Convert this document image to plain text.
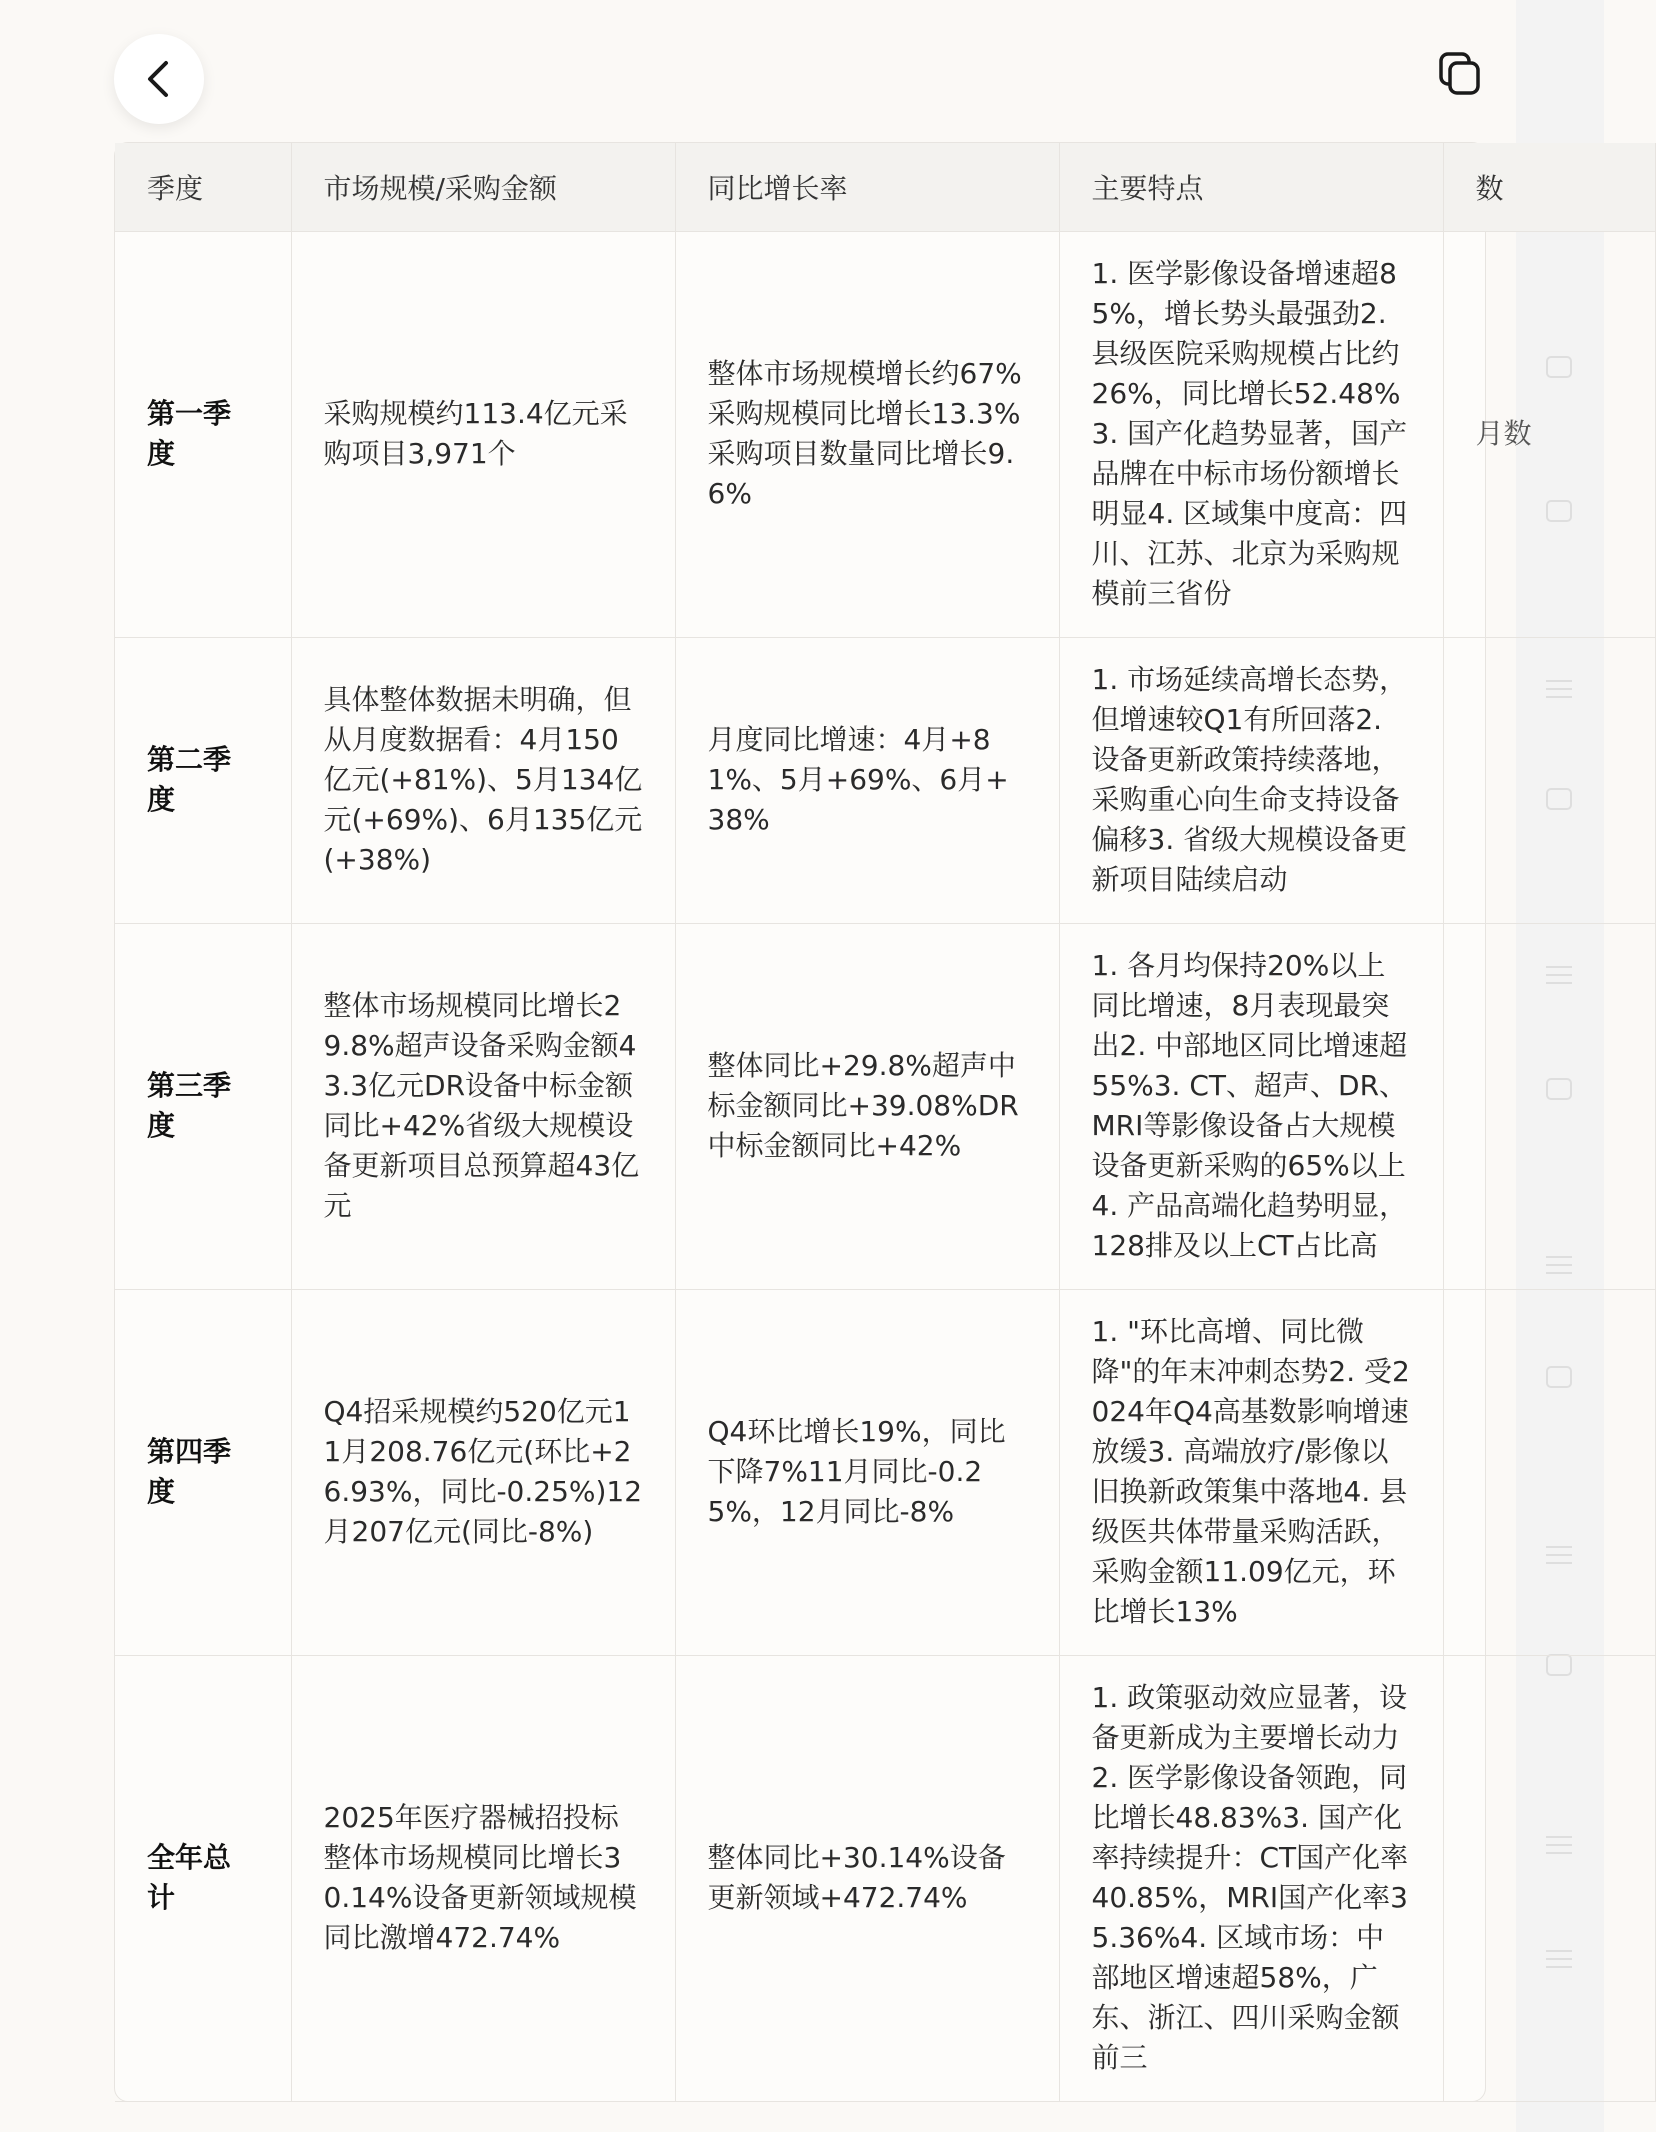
季度	市场规模/采购金额	同比增长率	主要特点	数
第一季度	采购规模约113.4亿元采购项目3,971个	整体市场规模增长约67%采购规模同比增长13.3%采购项目数量同比增长9.6%	1. 医学影像设备增速超85%，增长势头最强劲2. 县级医院采购规模占比约26%，同比增长52.48%3. 国产化趋势显著，国产品牌在中标市场份额增长明显4. 区域集中度高：四川、江苏、北京为采购规模前三省份	月数
第二季度	具体整体数据未明确，但从月度数据看：4月150亿元(+81%)、5月134亿元(+69%)、6月135亿元(+38%)	月度同比增速：4月+81%、5月+69%、6月+38%	1. 市场延续高增长态势，但增速较Q1有所回落2. 设备更新政策持续落地，采购重心向生命支持设备偏移3. 省级大规模设备更新项目陆续启动	
第三季度	整体市场规模同比增长29.8%超声设备采购金额43.3亿元DR设备中标金额同比+42%省级大规模设备更新项目总预算超43亿元	整体同比+29.8%超声中标金额同比+39.08%DR中标金额同比+42%	1. 各月均保持20%以上同比增速，8月表现最突出2. 中部地区同比增速超55%3. CT、超声、DR、MRI等影像设备占大规模设备更新采购的65%以上4. 产品高端化趋势明显，128排及以上CT占比高	
第四季度	Q4招采规模约520亿元11月208.76亿元(环比+26.93%，同比-0.25%)12月207亿元(同比-8%)	Q4环比增长19%，同比下降7%11月同比-0.25%，12月同比-8%	1. "环比高增、同比微降"的年末冲刺态势2. 受2024年Q4高基数影响增速放缓3. 高端放疗/影像以旧换新政策集中落地4. 县级医共体带量采购活跃，采购金额11.09亿元，环比增长13%	
全年总计	2025年医疗器械招投标整体市场规模同比增长30.14%设备更新领域规模同比激增472.74%	整体同比+30.14%设备更新领域+472.74%	1. 政策驱动效应显著，设备更新成为主要增长动力2. 医学影像设备领跑，同比增长48.83%3. 国产化率持续提升：CT国产化率40.85%，MRI国产化率35.36%4. 区域市场：中部地区增速超58%，广东、浙江、四川采购金额前三	
